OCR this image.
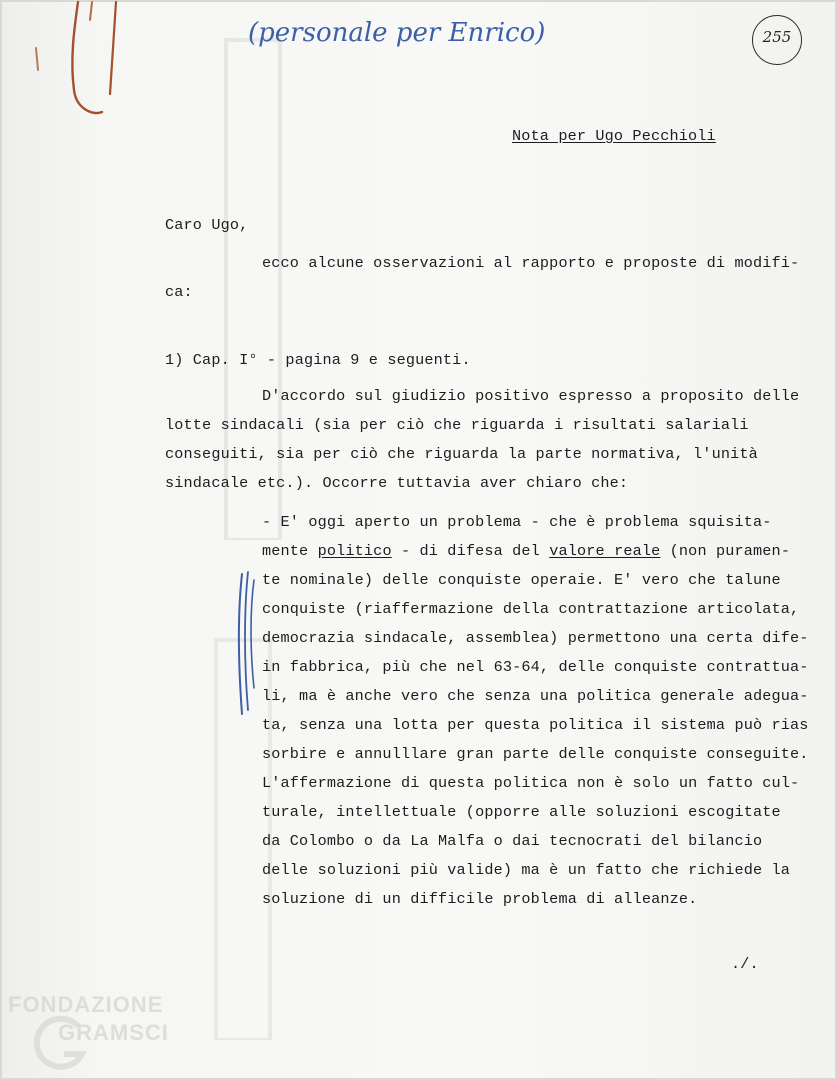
(personale per Enrico)	255
Nota per Ugo Pecchioli
Caro Ugo,
ecco alcune osservazioni al rapporto e proposte di modifi-
ca:
1) Cap. I° - pagina 9 e seguenti.
D'accordo sul giudizio positivo espresso a proposito delle
lotte sindacali (sia per ciò che riguarda i risultati salariali
conseguiti, sia per ciò che riguarda la parte normativa, l'unità
sindacale etc.). Occorre tuttavia aver chiaro che:
- E' oggi aperto un problema - che è problema squisita-
mente politico - di difesa del valore reale (non puramen-
te nominale) delle conquiste operaie. E' vero che talune
conquiste (riaffermazione della contrattazione articolata,
democrazia sindacale, assemblea) permettono una certa dife-
in fabbrica, più che nel 63-64, delle conquiste contrattua-
li, ma è anche vero che senza una politica generale adegua-
ta, senza una lotta per questa politica il sistema può rias
sorbire e annulllare gran parte delle conquiste conseguite.
L'affermazione di questa politica non è solo un fatto cul-
turale, intellettuale (opporre alle soluzioni escogitate
da Colombo o da La Malfa o dai tecnocrati del bilancio
delle soluzioni più valide) ma è un fatto che richiede la
soluzione di un difficile problema di alleanze.
./.
FONDAZIONE
GRAMSCI
